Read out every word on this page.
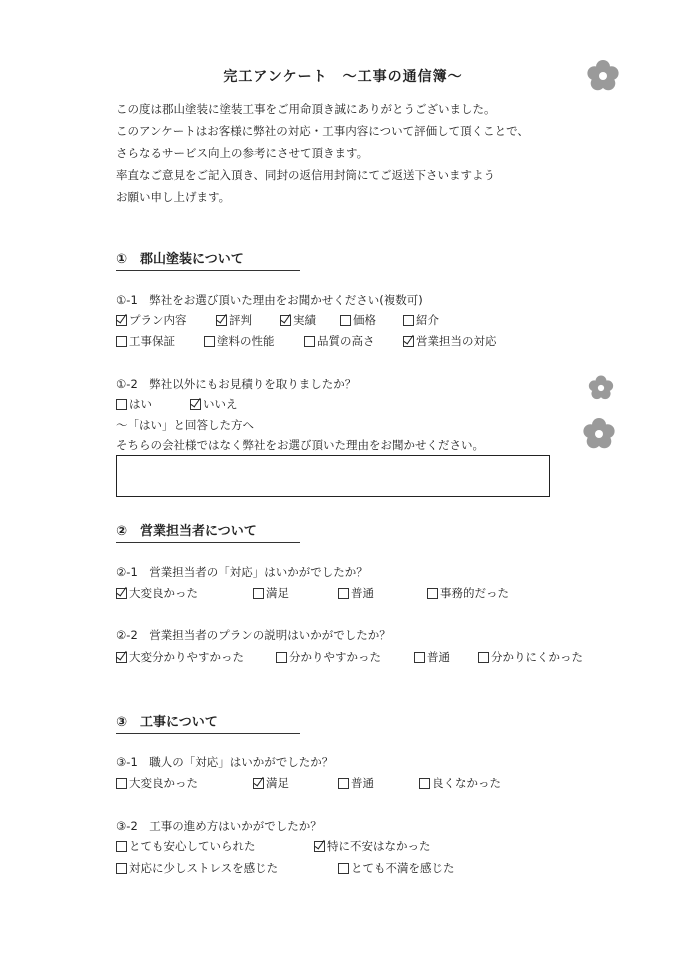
完工アンケート　～工事の通信簿～
この度は郡山塗装に塗装工事をご用命頂き誠にありがとうございました。
このアンケートはお客様に弊社の対応・工事内容について評価して頂くことで、
さらなるサービス向上の参考にさせて頂きます。
率直なご意見をご記入頂き、同封の返信用封筒にてご返送下さいますよう
お願い申し上げます。
①　郡山塗装について
①-1　弊社をお選び頂いた理由をお聞かせください(複数可)
プラン内容	評判	実績	価格	紹介
工事保証	塗料の性能	品質の高さ	営業担当の対応
①-2　弊社以外にもお見積りを取りましたか？
はい	いいえ
～「はい」と回答した方へ
そちらの会社様ではなく弊社をお選び頂いた理由をお聞かせください。
②　営業担当者について
②-1　営業担当者の「対応」はいかがでしたか？
大変良かった	満足	普通	事務的だった
②-2　営業担当者のプランの説明はいかがでしたか？
大変分かりやすかった	分かりやすかった	普通	分かりにくかった
③　工事について
③-1　職人の「対応」はいかがでしたか？
大変良かった	満足	普通	良くなかった
③-2　工事の進め方はいかがでしたか？
とても安心していられた	特に不安はなかった
対応に少しストレスを感じた	とても不満を感じた
